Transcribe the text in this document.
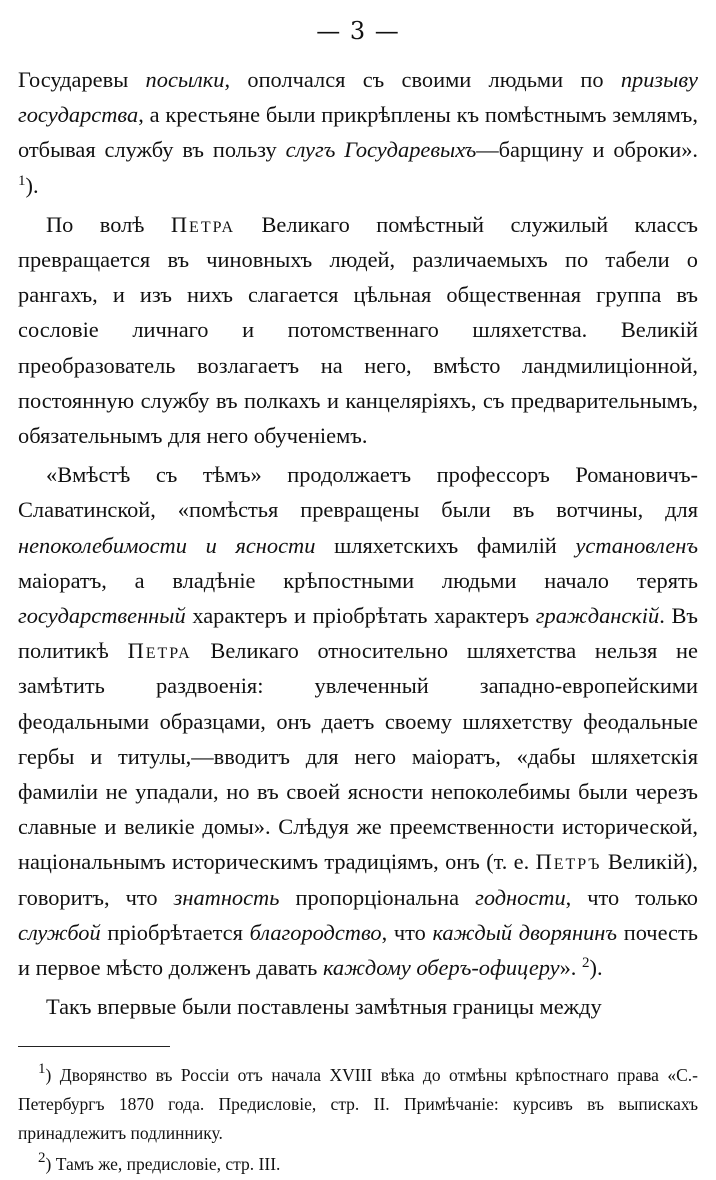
— 3 —

Государевы посылки, ополчался съ своими людьми по призыву государства, а крестьяне были прикрѣплены къ помѣстнымъ землямъ, отбывая службу въ пользу слугъ Государевыхъ—барщину и оброки». $^1$).

По волѣ Петра Великаго помѣстный служилый классъ превращается въ чиновныхъ людей, различаемыхъ по табели о рангахъ, и изъ нихъ слагается цѣльная общественная группа въ сословіе личнаго и потомственнаго шляхетства. Великій преобразователь возлагаетъ на него, вмѣсто ландмилиціонной, постоянную службу въ полкахъ и канцеляріяхъ, съ предварительнымъ, обязательнымъ для него обученіемъ.

«Вмѣстѣ съ тѣмъ» продолжаетъ профессоръ Романовичъ-Славатинской, «помѣстья превращены были въ вотчины, для непоколебимости и ясности шляхетскихъ фамилій установленъ маіоратъ, а владѣніе крѣпостными людьми начало терять государственный характеръ и пріобрѣтать характеръ гражданскій. Въ политикѣ Петра Великаго относительно шляхетства нельзя не замѣтить раздвоенія: увлеченный западно-европейскими феодальными образцами, онъ даетъ своему шляхетству феодальные гербы и титулы,—вводитъ для него маіоратъ, «дабы шляхетскія фамиліи не упадали, но въ своей ясности непоколебимы были черезъ славные и великіе домы». Слѣдуя же преемственности исторической, національнымъ историческимъ традиціямъ, онъ (т. е. Петръ Великій), говоритъ, что знатность пропорціональна годности, что только службой пріобрѣтается благородство, что каждый дворянинъ почесть и первое мѣсто долженъ давать каждому оберъ-офицеру». $^2$).

Такъ впервые были поставлены замѣтныя границы между

$^1$) Дворянство въ Россіи отъ начала XVIII вѣка до отмѣны крѣпостнаго права «С.-Петербургъ 1870 года. Предисловіе, стр. II. Примѣчаніе: курсивъ въ выпискахъ принадлежитъ подлиннику.

$^2$) Тамъ же, предисловіе, стр. III.
